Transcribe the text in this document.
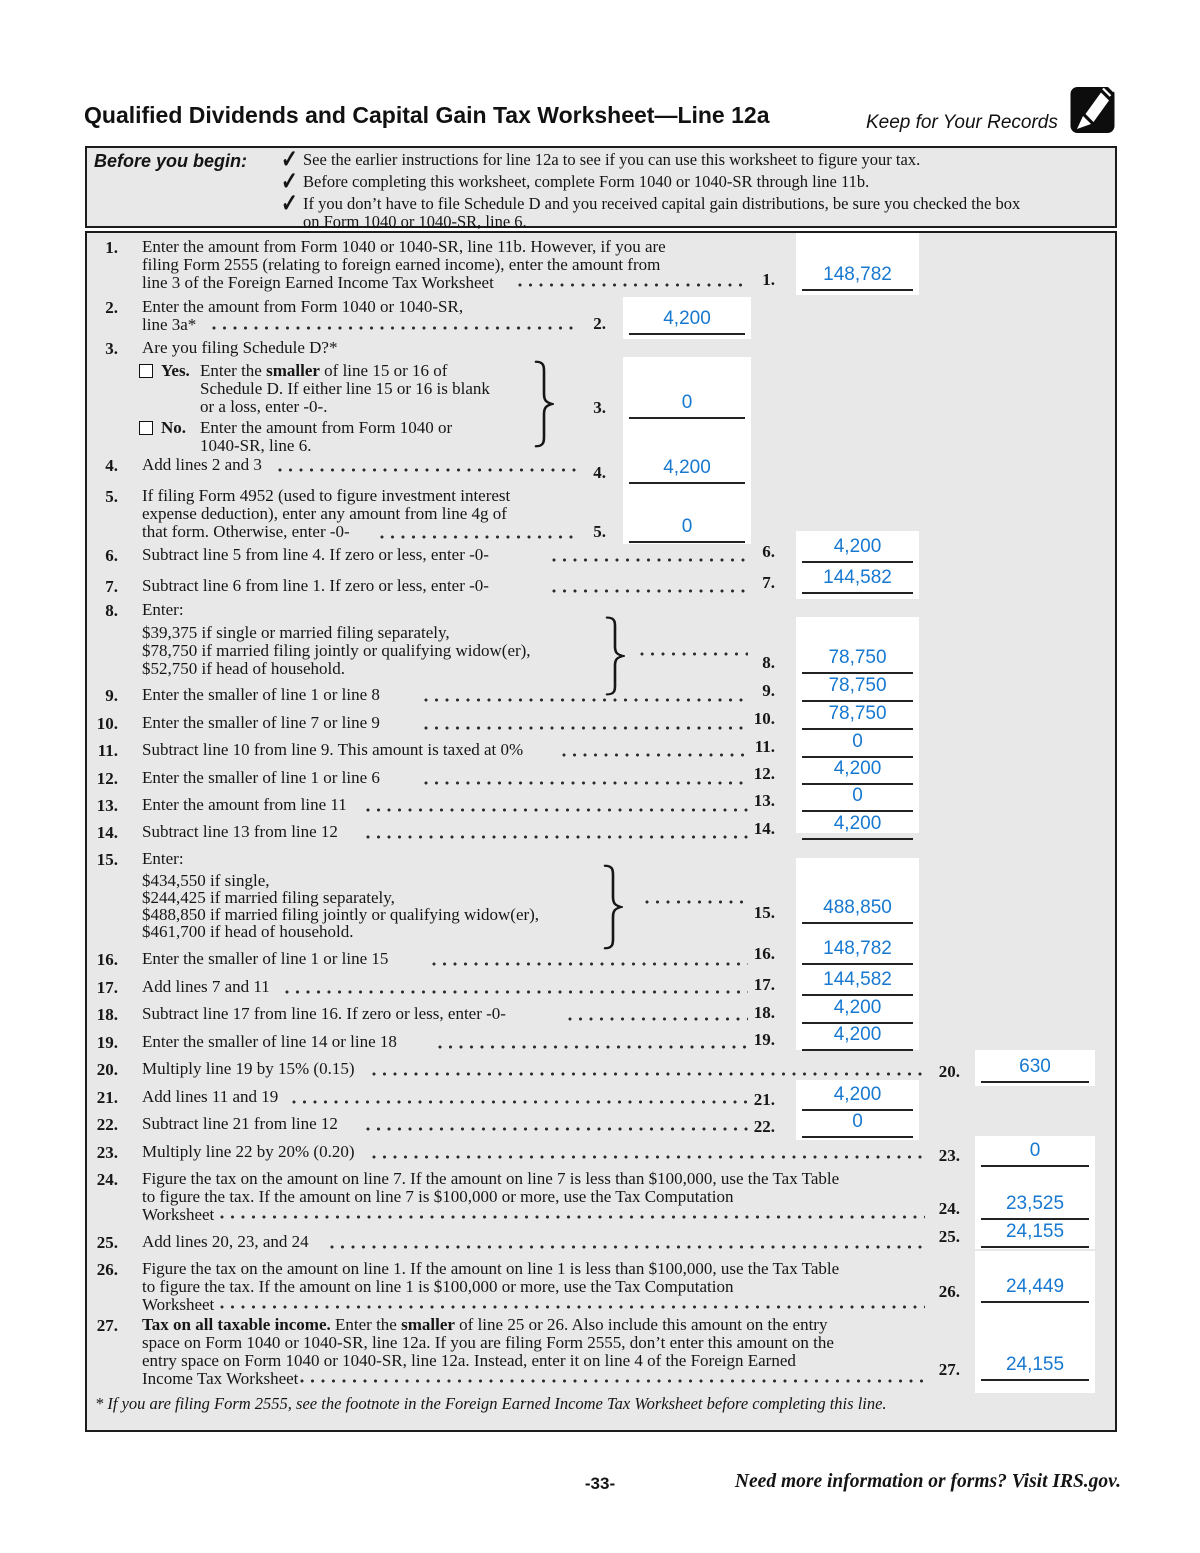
Qualified Dividends and Capital Gain Tax Worksheet—Line 12a	Keep for Your Records
Before you begin: ✓
✓
✓
See the earlier instructions for line 12a to see if you can use this worksheet to figure your tax.
Before completing this worksheet, complete Form 1040 or 1040-SR through line 11b.
If you don’t have to file Schedule D and you received capital gain distributions, be sure you checked the box
on Form 1040 or 1040-SR, line 6.
1. Enter the amount from Form 1040 or 1040-SR, line 11b. However, if you are
filing Form 2555 (relating to foreign earned income), enter the amount from
line 3 of the Foreign Earned Income Tax Worksheet	1.	148,782
2. Enter the amount from Form 1040 or 1040-SR,
line 3a*	2.	4,200
3. Are you filing Schedule D?*
Yes. Enter the smaller of line 15 or 16 of
Schedule D. If either line 15 or 16 is blank
or a loss, enter -0-.
No. Enter the amount from Form 1040 or
1040-SR, line 6.
3.	0
4. Add lines 2 and 3	4.	4,200
5. If filing Form 4952 (used to figure investment interest
expense deduction), enter any amount from line 4g of
that form. Otherwise, enter -0-	5.	0
6. Subtract line 5 from line 4. If zero or less, enter -0-	6.	4,200
7. Subtract line 6 from line 1. If zero or less, enter -0-	7.	144,582
8. Enter:
$39,375 if single or married filing separately,
$78,750 if married filing jointly or qualifying widow(er),
$52,750 if head of household.	8.	78,750
9. Enter the smaller of line 1 or line 8	9.	78,750
10. Enter the smaller of line 7 or line 9	10.	78,750
11. Subtract line 10 from line 9. This amount is taxed at 0%	11.	0
12. Enter the smaller of line 1 or line 6	12.	4,200
13. Enter the amount from line 11	13.	0
14. Subtract line 13 from line 12	14.	4,200
15. Enter:
$434,550 if single,
$244,425 if married filing separately,
$488,850 if married filing jointly or qualifying widow(er),
$461,700 if head of household.
15.	488,850
16. Enter the smaller of line 1 or line 15	16.	148,782
17. Add lines 7 and 11	17.	144,582
18. Subtract line 17 from line 16. If zero or less, enter -0-	18.	4,200
19. Enter the smaller of line 14 or line 18	19.	4,200
20. Multiply line 19 by 15% (0.15)	20.	630
21. Add lines 11 and 19	21.	4,200
22. Subtract line 21 from line 12	22.	0
23. Multiply line 22 by 20% (0.20)	23.	0
24. Figure the tax on the amount on line 7. If the amount on line 7 is less than $100,000, use the Tax Table
to figure the tax. If the amount on line 7 is $100,000 or more, use the Tax Computation
Worksheet	24.	23,525
25. Add lines 20, 23, and 24	25.	24,155
26. Figure the tax on the amount on line 1. If the amount on line 1 is less than $100,000, use the Tax Table
to figure the tax. If the amount on line 1 is $100,000 or more, use the Tax Computation
Worksheet
26.	24,449
27. Tax on all taxable income. Enter the smaller of line 25 or 26. Also include this amount on the entry
space on Form 1040 or 1040-SR, line 12a. If you are filing Form 2555, don’t enter this amount on the
entry space on Form 1040 or 1040-SR, line 12a. Instead, enter it on line 4 of the Foreign Earned
Income Tax Worksheet	27.	24,155
* If you are filing Form 2555, see the footnote in the Foreign Earned Income Tax Worksheet before completing this line.
-33-	Need more information or forms? Visit IRS.gov.
